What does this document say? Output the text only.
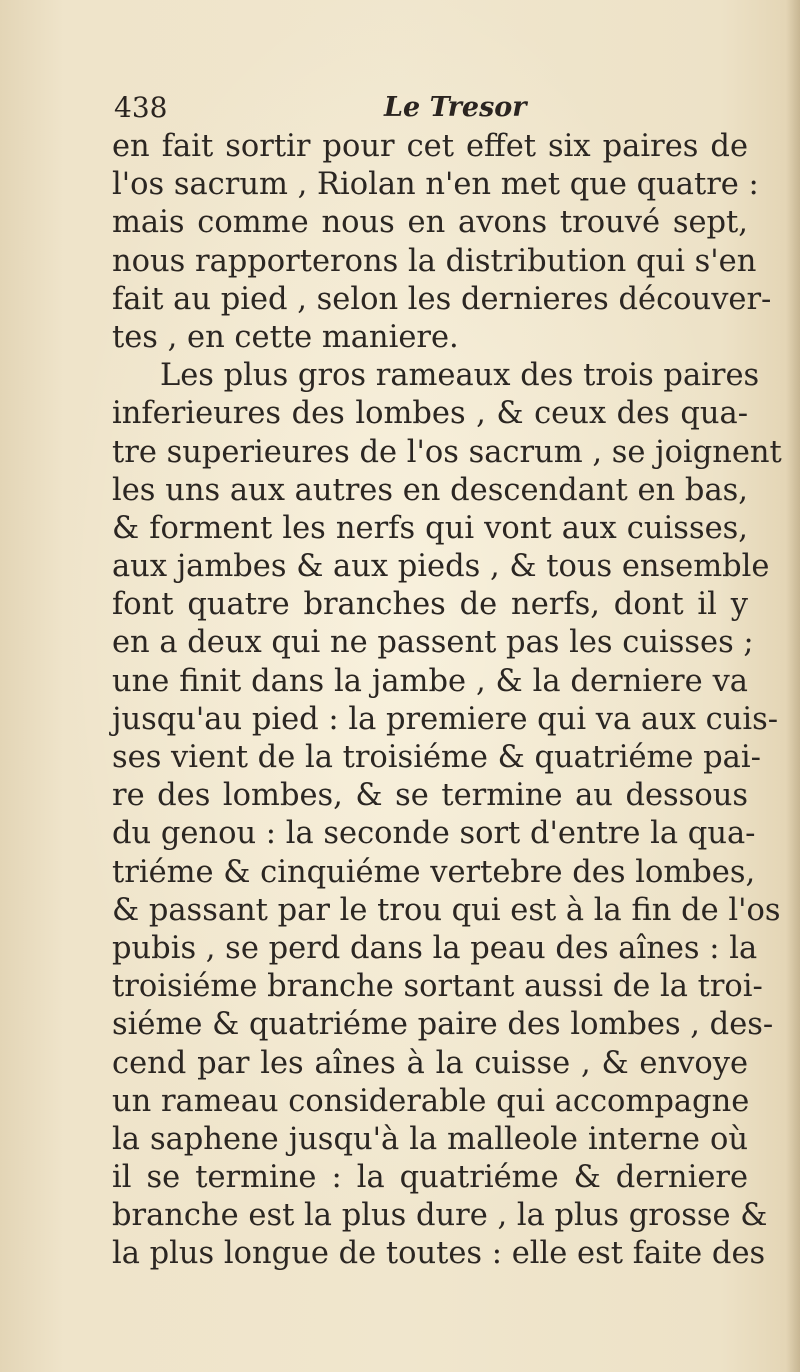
438	Le Tresor
en fait sortir pour cet effet six paires de
l'os sacrum , Riolan n'en met que quatre :
mais comme nous en avons trouvé sept,
nous rapporterons la distribution qui s'en
fait au pied , selon les dernieres découver-
tes , en cette maniere.
Les plus gros rameaux des trois paires
inferieures des lombes , & ceux des qua-
tre superieures de l'os sacrum , se joignent
les uns aux autres en descendant en bas,
& forment les nerfs qui vont aux cuisses,
aux jambes & aux pieds , & tous ensemble
font quatre branches de nerfs, dont il y
en a deux qui ne passent pas les cuisses ;
une finit dans la jambe , & la derniere va
jusqu'au pied : la premiere qui va aux cuis-
ses vient de la troisiéme & quatriéme pai-
re des lombes, & se termine au dessous
du genou : la seconde sort d'entre la qua-
triéme & cinquiéme vertebre des lombes,
& passant par le trou qui est à la fin de l'os
pubis , se perd dans la peau des aînes : la
troisiéme branche sortant aussi de la troi-
siéme & quatriéme paire des lombes , des-
cend par les aînes à la cuisse , & envoye
un rameau considerable qui accompagne
la saphene jusqu'à la malleole interne où
il se termine : la quatriéme & derniere
branche est la plus dure , la plus grosse &
la plus longue de toutes : elle est faite des
